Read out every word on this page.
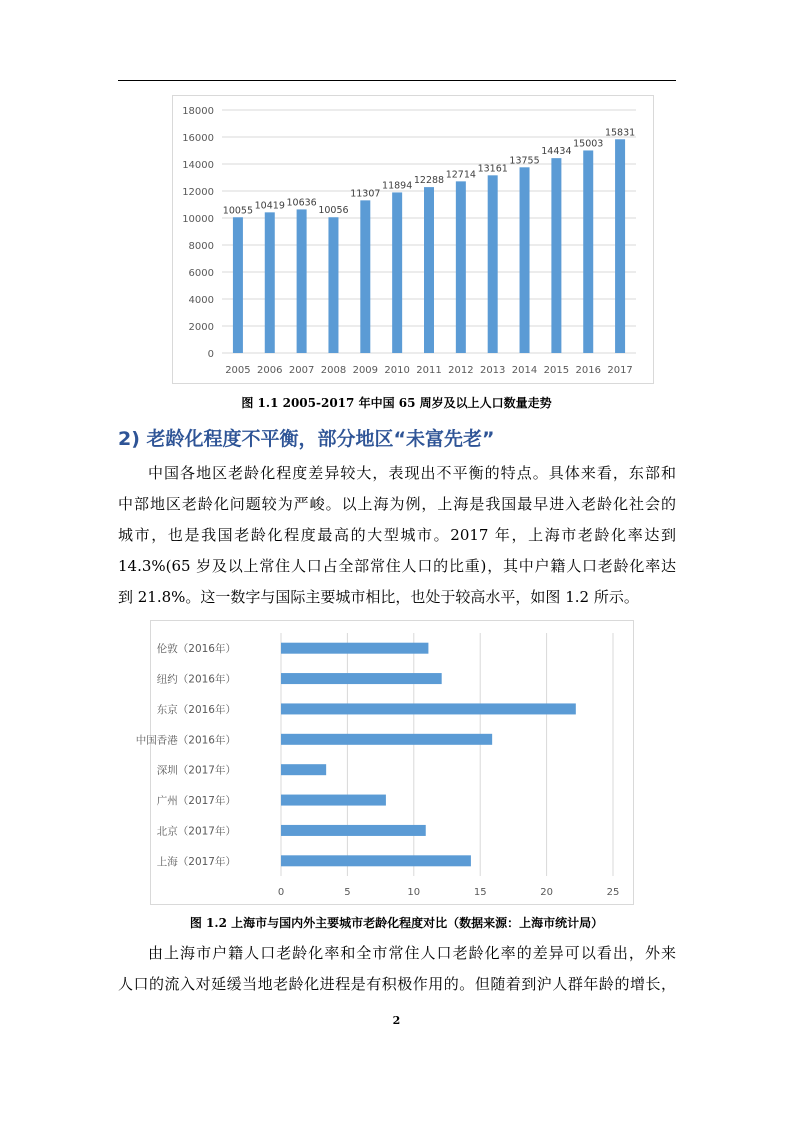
0
2000
4000
6000
8000
10000
12000
14000
16000
18000
10055
2005
10419
2006
10636
2007
10056
2008
11307
2009
11894
2010
12288
2011
12714
2012
13161
2013
13755
2014
14434
2015
15003
2016
15831
2017
图 1.1 2005-2017 年中国 65 周岁及以上人口数量走势
2) 老龄化程度不平衡，部分地区“未富先老”
中国各地区老龄化程度差异较大，表现出不平衡的特点。具体来看，东部和
中部地区老龄化问题较为严峻。以上海为例，上海是我国最早进入老龄化社会的
城市，也是我国老龄化程度最高的大型城市。2017 年，上海市老龄化率达到
14.3%(65 岁及以上常住人口占全部常住人口的比重)，其中户籍人口老龄化率达
到 21.8%。这一数字与国际主要城市相比，也处于较高水平，如图 1.2 所示。
0	5	10	15	20	25
伦敦（2016年）
纽约（2016年）
东京（2016年）
中国香港（2016年）
深圳（2017年）
广州（2017年）
北京（2017年）
上海（2017年）
图 1.2 上海市与国内外主要城市老龄化程度对比（数据来源：上海市统计局）
由上海市户籍人口老龄化率和全市常住人口老龄化率的差异可以看出，外来
人口的流入对延缓当地老龄化进程是有积极作用的。但随着到沪人群年龄的增长，
2
